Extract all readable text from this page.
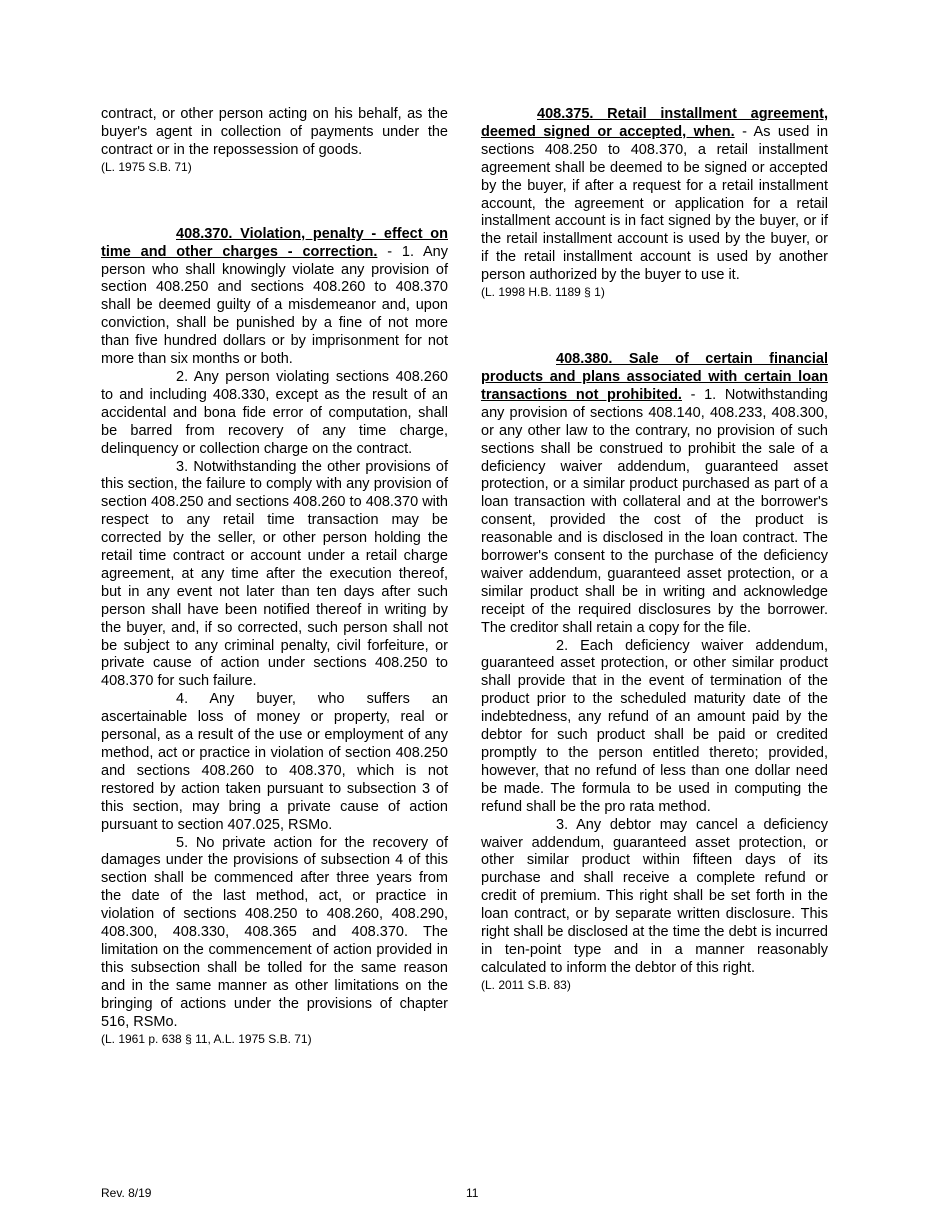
contract, or other person acting on his behalf, as the buyer's agent in collection of payments under the contract or in the repossession of goods.

(L. 1975 S.B. 71)

408.370. Violation, penalty - effect on time and other charges - correction. - 1. Any person who shall knowingly violate any provision of section 408.250 and sections 408.260 to 408.370 shall be deemed guilty of a misdemeanor and, upon conviction, shall be punished by a fine of not more than five hundred dollars or by imprisonment for not more than six months or both.

2. Any person violating sections 408.260 to and including 408.330, except as the result of an accidental and bona fide error of computation, shall be barred from recovery of any time charge, delinquency or collection charge on the contract.

3. Notwithstanding the other provisions of this section, the failure to comply with any provision of section 408.250 and sections 408.260 to 408.370 with respect to any retail time transaction may be corrected by the seller, or other person holding the retail time contract or account under a retail charge agreement, at any time after the execution thereof, but in any event not later than ten days after such person shall have been notified thereof in writing by the buyer, and, if so corrected, such person shall not be subject to any criminal penalty, civil forfeiture, or private cause of action under sections 408.250 to 408.370 for such failure.

4. Any buyer, who suffers an ascertainable loss of money or property, real or personal, as a result of the use or employment of any method, act or practice in violation of section 408.250 and sections 408.260 to 408.370, which is not restored by action taken pursuant to subsection 3 of this section, may bring a private cause of action pursuant to section 407.025, RSMo.

5. No private action for the recovery of damages under the provisions of subsection 4 of this section shall be commenced after three years from the date of the last method, act, or practice in violation of sections 408.250 to 408.260, 408.290, 408.300, 408.330, 408.365 and 408.370. The limitation on the commencement of action provided in this subsection shall be tolled for the same reason and in the same manner as other limitations on the bringing of actions under the provisions of chapter 516, RSMo.

(L. 1961 p. 638 § 11, A.L. 1975 S.B. 71)

408.375. Retail installment agreement, deemed signed or accepted, when. - As used in sections 408.250 to 408.370, a retail installment agreement shall be deemed to be signed or accepted by the buyer, if after a request for a retail installment account, the agreement or application for a retail installment account is in fact signed by the buyer, or if the retail installment account is used by the buyer, or if the retail installment account is used by another person authorized by the buyer to use it.

(L. 1998 H.B. 1189 § 1)

408.380. Sale of certain financial products and plans associated with certain loan transactions not prohibited. - 1. Notwithstanding any provision of sections 408.140, 408.233, 408.300, or any other law to the contrary, no provision of such sections shall be construed to prohibit the sale of a deficiency waiver addendum, guaranteed asset protection, or a similar product purchased as part of a loan transaction with collateral and at the borrower's consent, provided the cost of the product is reasonable and is disclosed in the loan contract. The borrower's consent to the purchase of the deficiency waiver addendum, guaranteed asset protection, or a similar product shall be in writing and acknowledge receipt of the required disclosures by the borrower. The creditor shall retain a copy for the file.

2. Each deficiency waiver addendum, guaranteed asset protection, or other similar product shall provide that in the event of termination of the product prior to the scheduled maturity date of the indebtedness, any refund of an amount paid by the debtor for such product shall be paid or credited promptly to the person entitled thereto; provided, however, that no refund of less than one dollar need be made. The formula to be used in computing the refund shall be the pro rata method.

3. Any debtor may cancel a deficiency waiver addendum, guaranteed asset protection, or other similar product within fifteen days of its purchase and shall receive a complete refund or credit of premium. This right shall be set forth in the loan contract, or by separate written disclosure. This right shall be disclosed at the time the debt is incurred in ten-point type and in a manner reasonably calculated to inform the debtor of this right.

(L. 2011 S.B. 83)

Rev. 8/19	11
